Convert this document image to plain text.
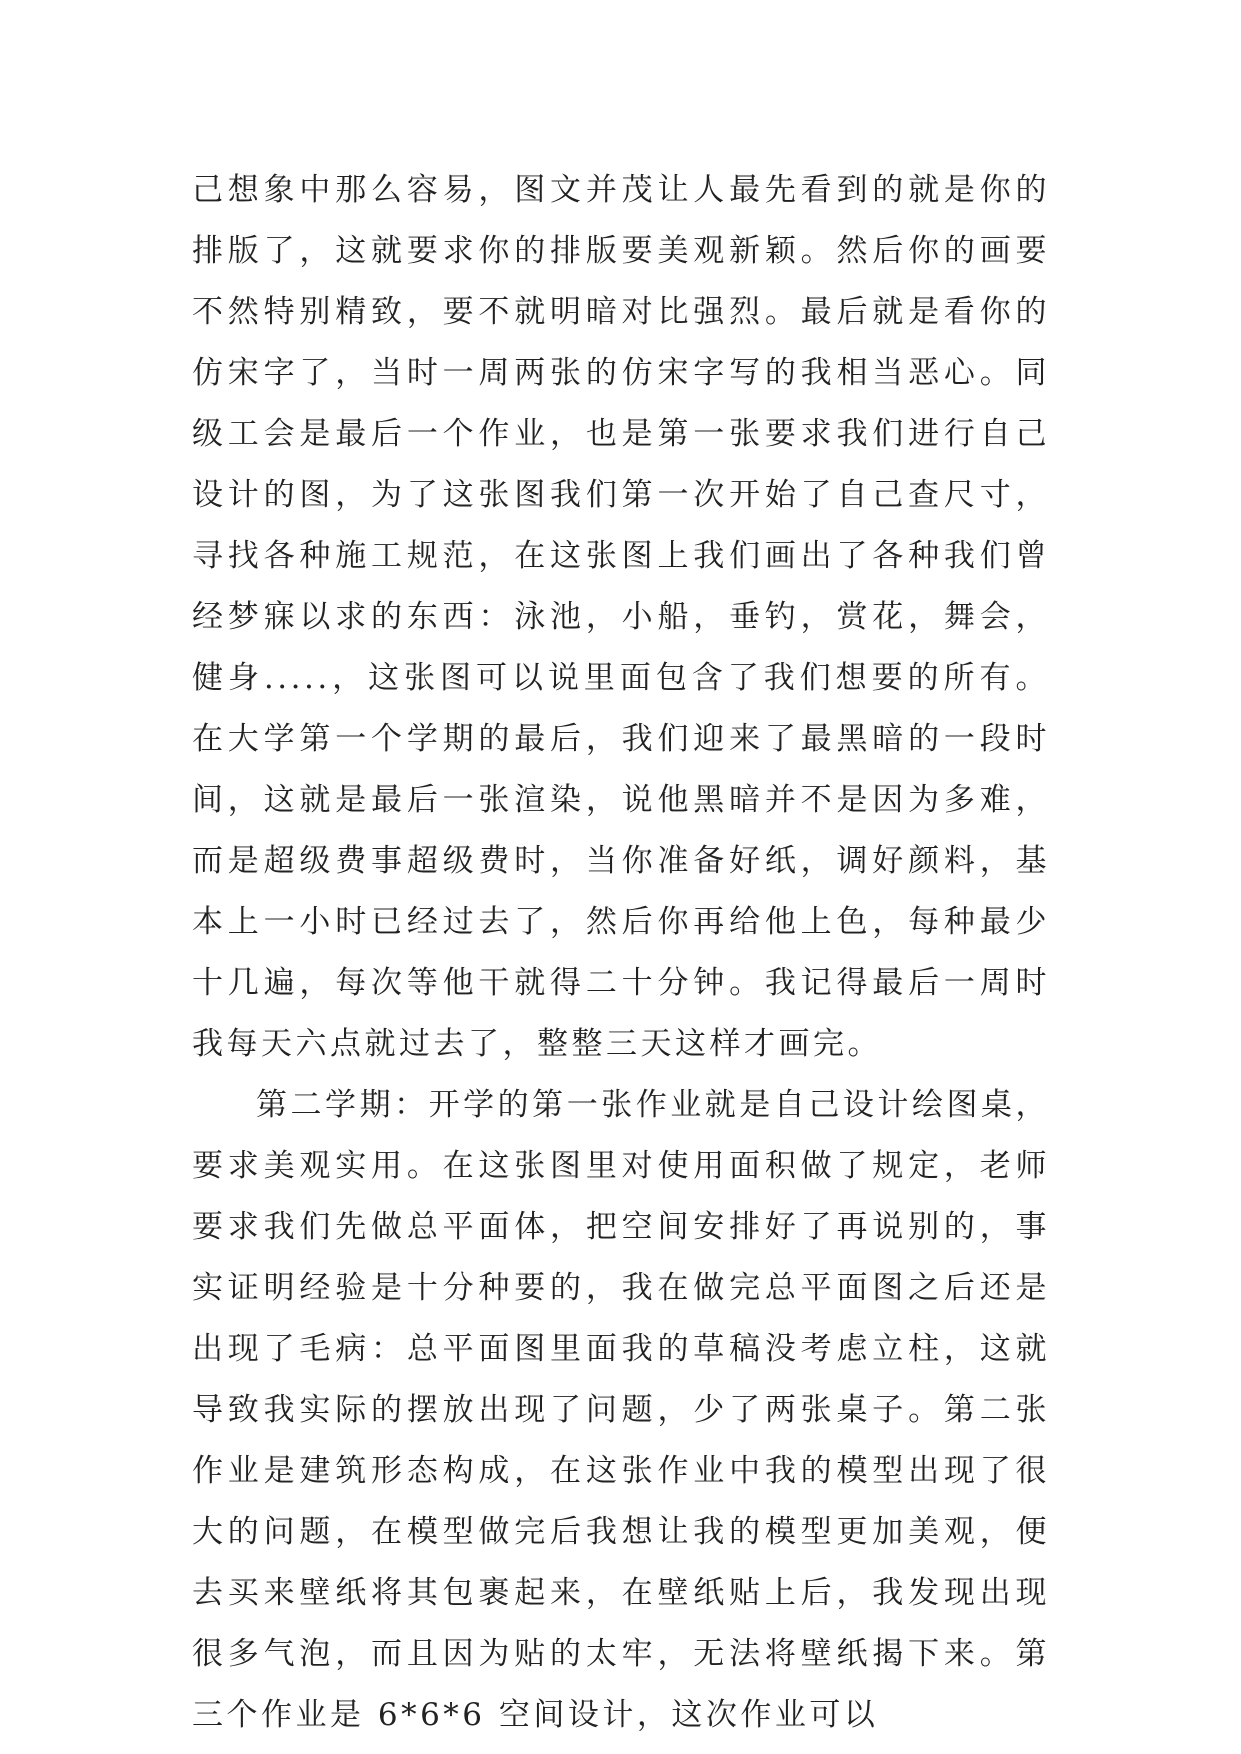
己想象中那么容易，图文并茂让人最先看到的就是你的排版了，这就要求你的排版要美观新颖。然后你的画要不然特别精致，要不就明暗对比强烈。最后就是看你的仿宋字了，当时一周两张的仿宋字写的我相当恶心。同级工会是最后一个作业，也是第一张要求我们进行自己设计的图，为了这张图我们第一次开始了自己查尺寸，寻找各种施工规范，在这张图上我们画出了各种我们曾经梦寐以求的东西：泳池，小船，垂钓，赏花，舞会，健身.....，这张图可以说里面包含了我们想要的所有。在大学第一个学期的最后，我们迎来了最黑暗的一段时间，这就是最后一张渲染，说他黑暗并不是因为多难，而是超级费事超级费时，当你准备好纸，调好颜料，基本上一小时已经过去了，然后你再给他上色，每种最少十几遍，每次等他干就得二十分钟。我记得最后一周时我每天六点就过去了，整整三天这样才画完。

第二学期：开学的第一张作业就是自己设计绘图桌，要求美观实用。在这张图里对使用面积做了规定，老师要求我们先做总平面体，把空间安排好了再说别的，事实证明经验是十分种要的，我在做完总平面图之后还是出现了毛病：总平面图里面我的草稿没考虑立柱，这就导致我实际的摆放出现了问题，少了两张桌子。第二张作业是建筑形态构成，在这张作业中我的模型出现了很大的问题，在模型做完后我想让我的模型更加美观，便去买来壁纸将其包裹起来，在壁纸贴上后，我发现出现很多气泡，而且因为贴的太牢，无法将壁纸揭下来。第三个作业是 6*6*6 空间设计，这次作业可以
